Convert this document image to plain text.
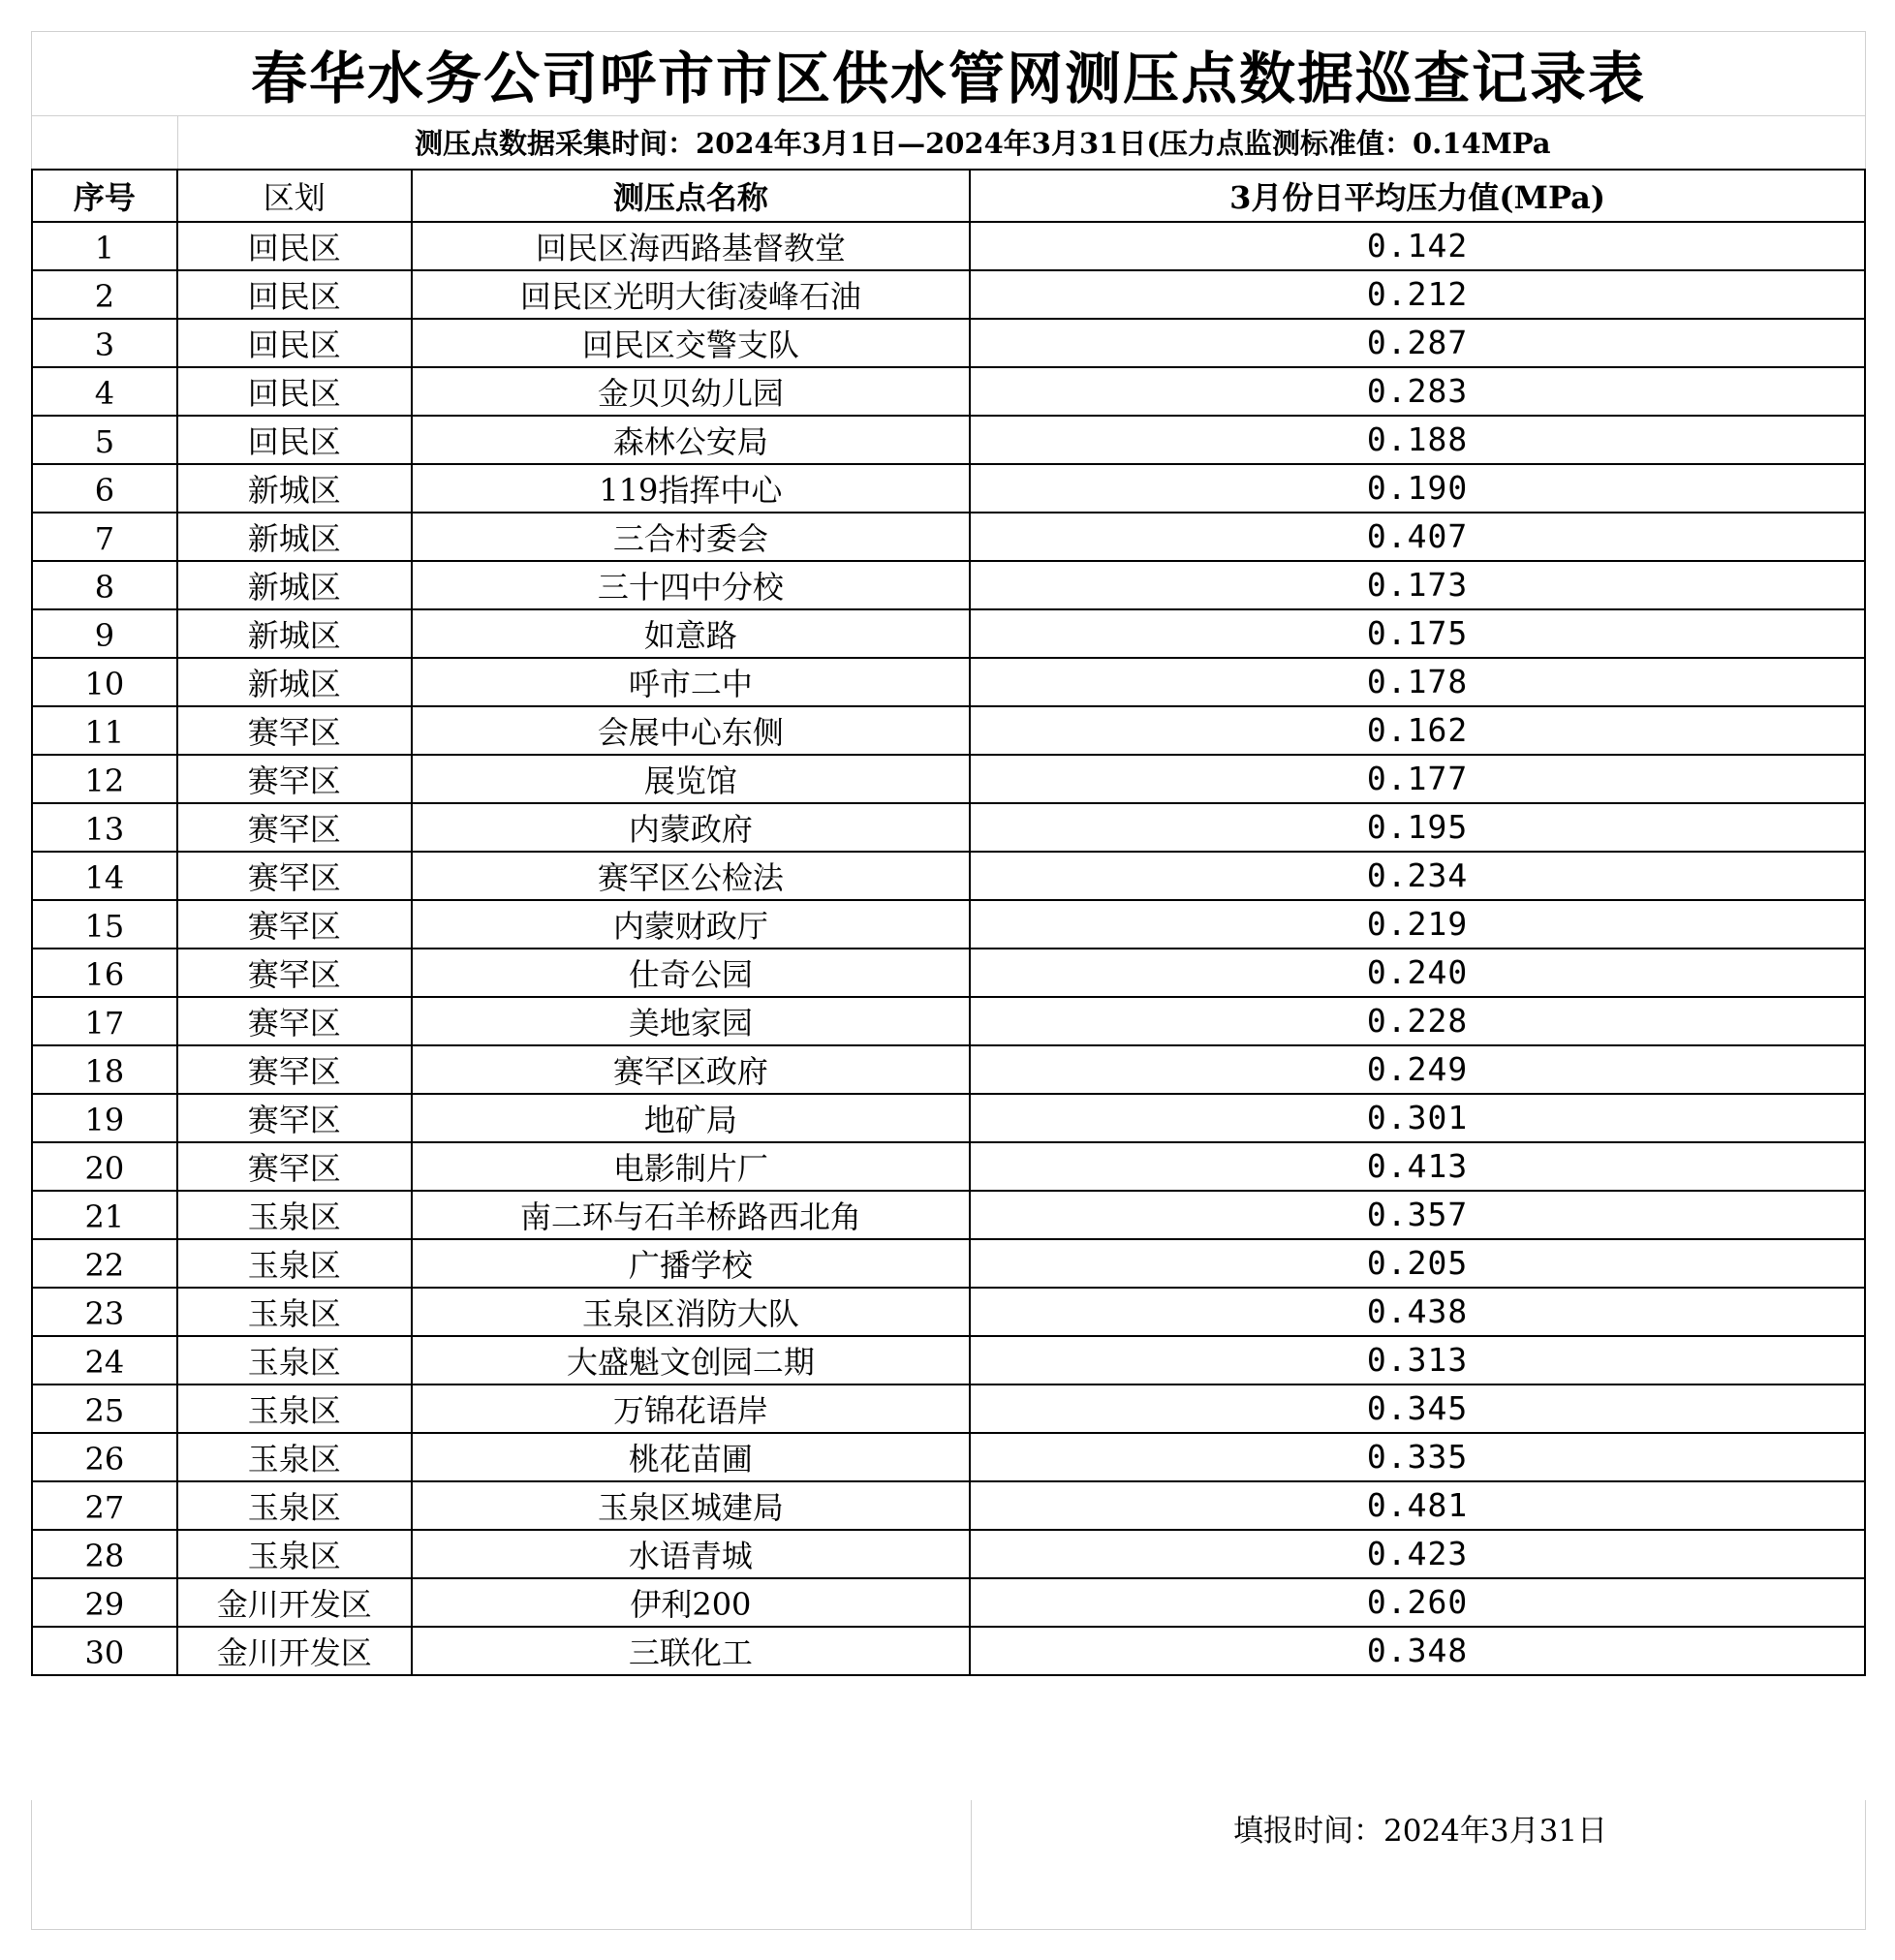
春华水务公司呼市市区供水管网测压点数据巡查记录表
测压点数据采集时间：2024年3月1日—2024年3月31日(压力点监测标准值：0.14MPa
序号	区划	测压点名称	3月份日平均压力值(MPa)
1	回民区	回民区海西路基督教堂	0.142
2	回民区	回民区光明大街凌峰石油	0.212
3	回民区	回民区交警支队	0.287
4	回民区	金贝贝幼儿园	0.283
5	回民区	森林公安局	0.188
6	新城区	119指挥中心	0.190
7	新城区	三合村委会	0.407
8	新城区	三十四中分校	0.173
9	新城区	如意路	0.175
10	新城区	呼市二中	0.178
11	赛罕区	会展中心东侧	0.162
12	赛罕区	展览馆	0.177
13	赛罕区	内蒙政府	0.195
14	赛罕区	赛罕区公检法	0.234
15	赛罕区	内蒙财政厅	0.219
16	赛罕区	仕奇公园	0.240
17	赛罕区	美地家园	0.228
18	赛罕区	赛罕区政府	0.249
19	赛罕区	地矿局	0.301
20	赛罕区	电影制片厂	0.413
21	玉泉区	南二环与石羊桥路西北角	0.357
22	玉泉区	广播学校	0.205
23	玉泉区	玉泉区消防大队	0.438
24	玉泉区	大盛魁文创园二期	0.313
25	玉泉区	万锦花语岸	0.345
26	玉泉区	桃花苗圃	0.335
27	玉泉区	玉泉区城建局	0.481
28	玉泉区	水语青城	0.423
29	金川开发区	伊利200	0.260
30	金川开发区	三联化工	0.348
填报时间：2024年3月31日
